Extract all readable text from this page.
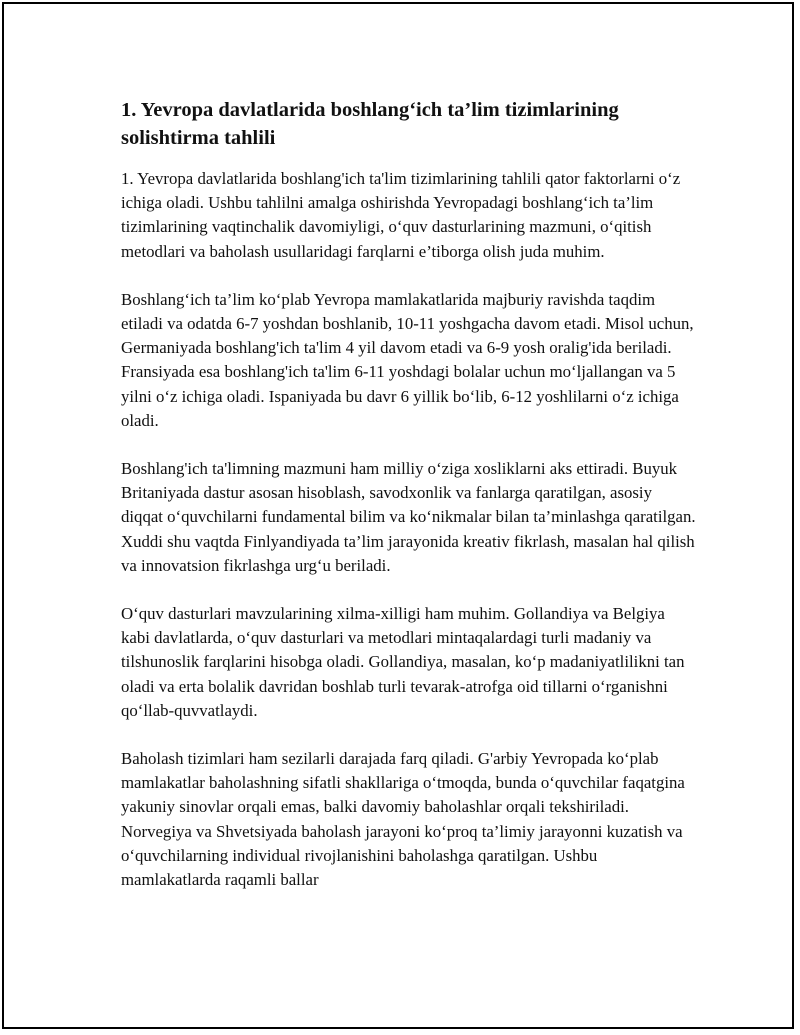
1. Yevropa davlatlarida boshlang‘ich ta’lim tizimlarining solishtirma tahlili

1. Yevropa davlatlarida boshlang'ich ta'lim tizimlarining tahlili qator faktorlarni o‘z ichiga oladi. Ushbu tahlilni amalga oshirishda Yevropadagi boshlang‘ich ta’lim tizimlarining vaqtinchalik davomiyligi, o‘quv dasturlarining mazmuni, o‘qitish metodlari va baholash usullaridagi farqlarni e’tiborga olish juda muhim.

Boshlang‘ich ta’lim ko‘plab Yevropa mamlakatlarida majburiy ravishda taqdim etiladi va odatda 6-7 yoshdan boshlanib, 10-11 yoshgacha davom etadi. Misol uchun, Germaniyada boshlang'ich ta'lim 4 yil davom etadi va 6-9 yosh oralig'ida beriladi. Fransiyada esa boshlang'ich ta'lim 6-11 yoshdagi bolalar uchun mo‘ljallangan va 5 yilni o‘z ichiga oladi. Ispaniyada bu davr 6 yillik bo‘lib, 6-12 yoshlilarni o‘z ichiga oladi.

Boshlang'ich ta'limning mazmuni ham milliy o‘ziga xosliklarni aks ettiradi. Buyuk Britaniyada dastur asosan hisoblash, savodxonlik va fanlarga qaratilgan, asosiy diqqat o‘quvchilarni fundamental bilim va ko‘nikmalar bilan ta’minlashga qaratilgan. Xuddi shu vaqtda Finlyandiyada ta’lim jarayonida kreativ fikrlash, masalan hal qilish va innovatsion fikrlashga urg‘u beriladi.

O‘quv dasturlari mavzularining xilma-xilligi ham muhim. Gollandiya va Belgiya kabi davlatlarda, o‘quv dasturlari va metodlari mintaqalardagi turli madaniy va tilshunoslik farqlarini hisobga oladi. Gollandiya, masalan, ko‘p madaniyatlilikni tan oladi va erta bolalik davridan boshlab turli tevarak-atrofga oid tillarni o‘rganishni qo‘llab-quvvatlaydi.

Baholash tizimlari ham sezilarli darajada farq qiladi. G'arbiy Yevropada ko‘plab mamlakatlar baholashning sifatli shakllariga o‘tmoqda, bunda o‘quvchilar faqatgina yakuniy sinovlar orqali emas, balki davomiy baholashlar orqali tekshiriladi. Norvegiya va Shvetsiyada baholash jarayoni ko‘proq ta’limiy jarayonni kuzatish va o‘quvchilarning individual rivojlanishini baholashga qaratilgan. Ushbu mamlakatlarda raqamli ballar
